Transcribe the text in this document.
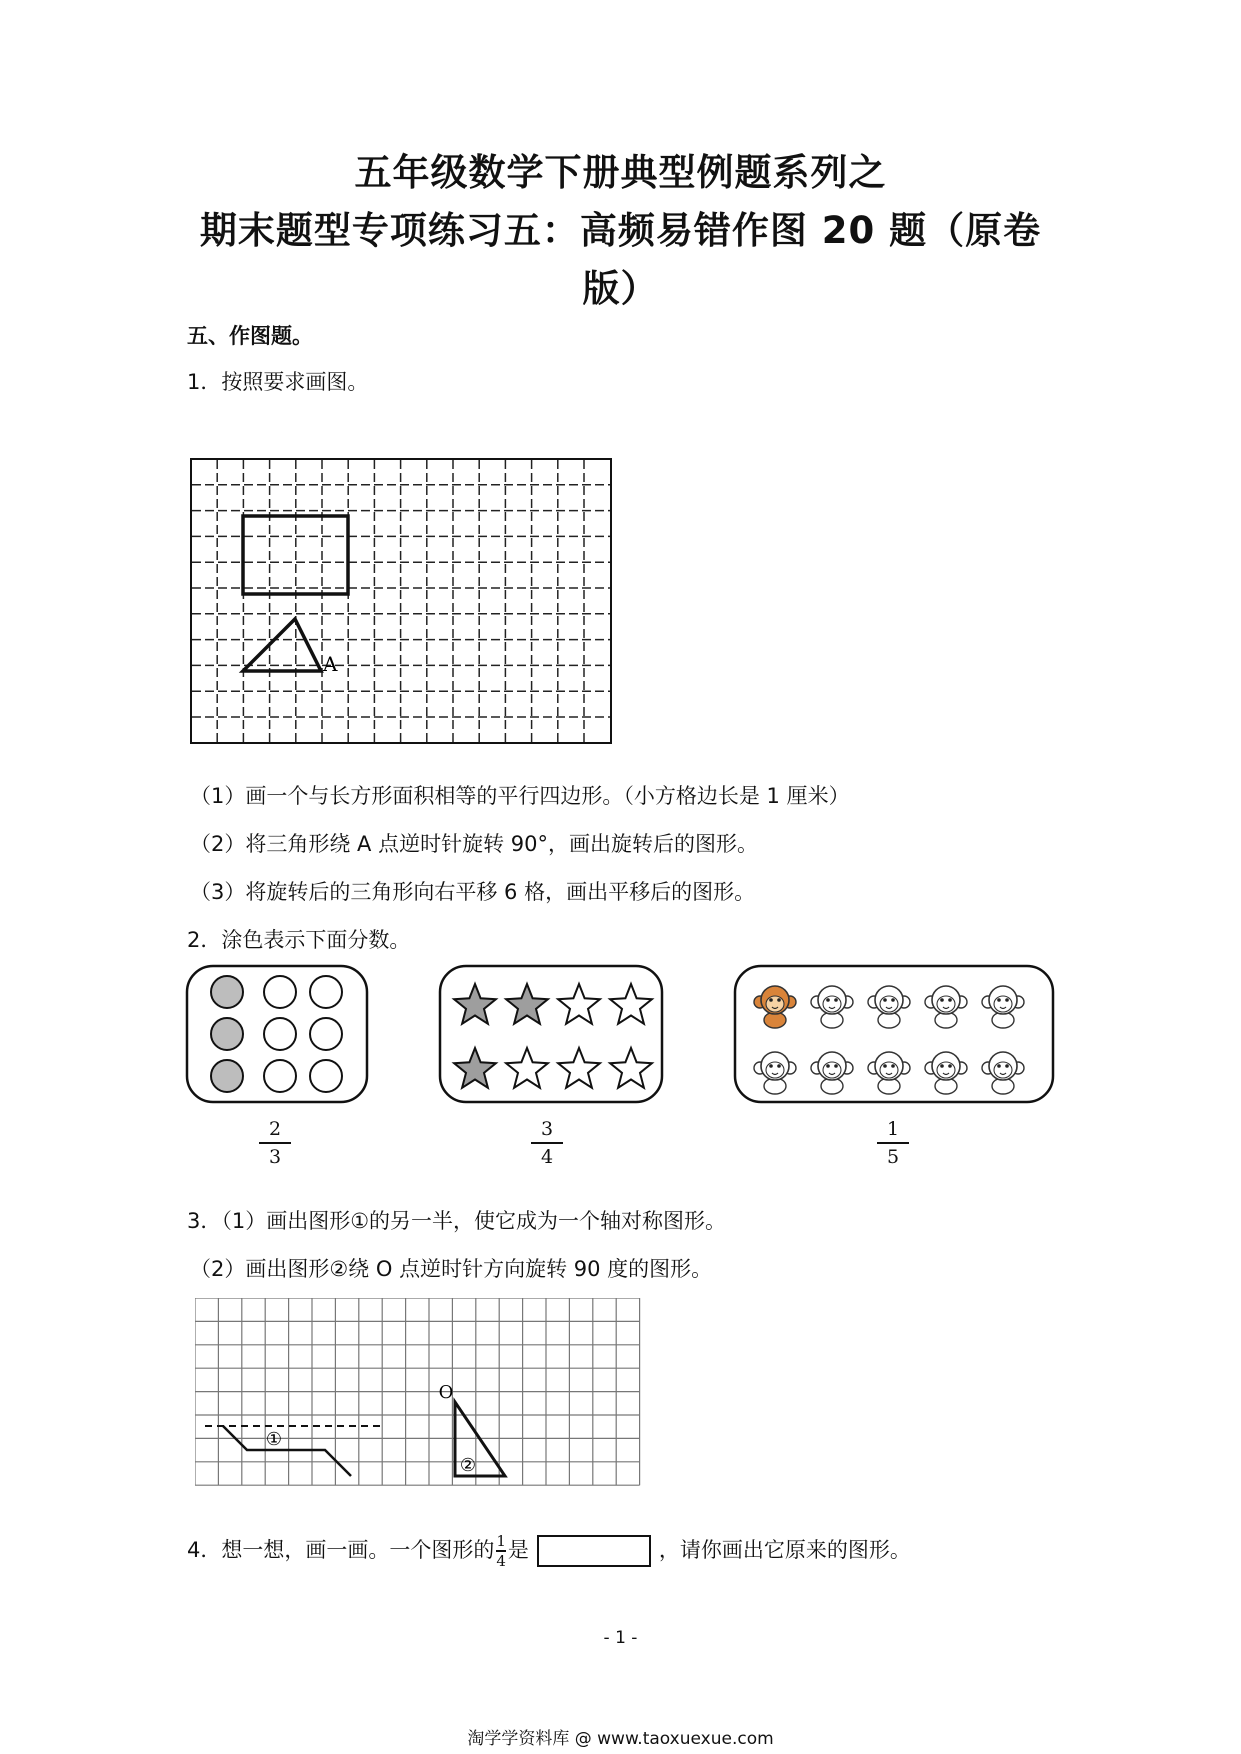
五年级数学下册典型例题系列之
期末题型专项练习五：高频易错作图 20 题（原卷
版）
五、作图题。
1．按照要求画图。
A
（1）画一个与长方形面积相等的平行四边形。（小方格边长是 1 厘米）
（2）将三角形绕 A 点逆时针旋转 90°，画出旋转后的图形。
（3）将旋转后的三角形向右平移 6 格，画出平移后的图形。
2．涂色表示下面分数。
2
3
3
4
1
5
3．（1）画出图形①的另一半，使它成为一个轴对称图形。
（2）画出图形②绕 O 点逆时针方向旋转 90 度的图形。
①
O
②
4．想一想，画一画。一个图形的 $\frac{1}{4}$是	，请你画出它原来的图形。
- 1 -
淘学学资料库 @ www.taoxuexue.com
